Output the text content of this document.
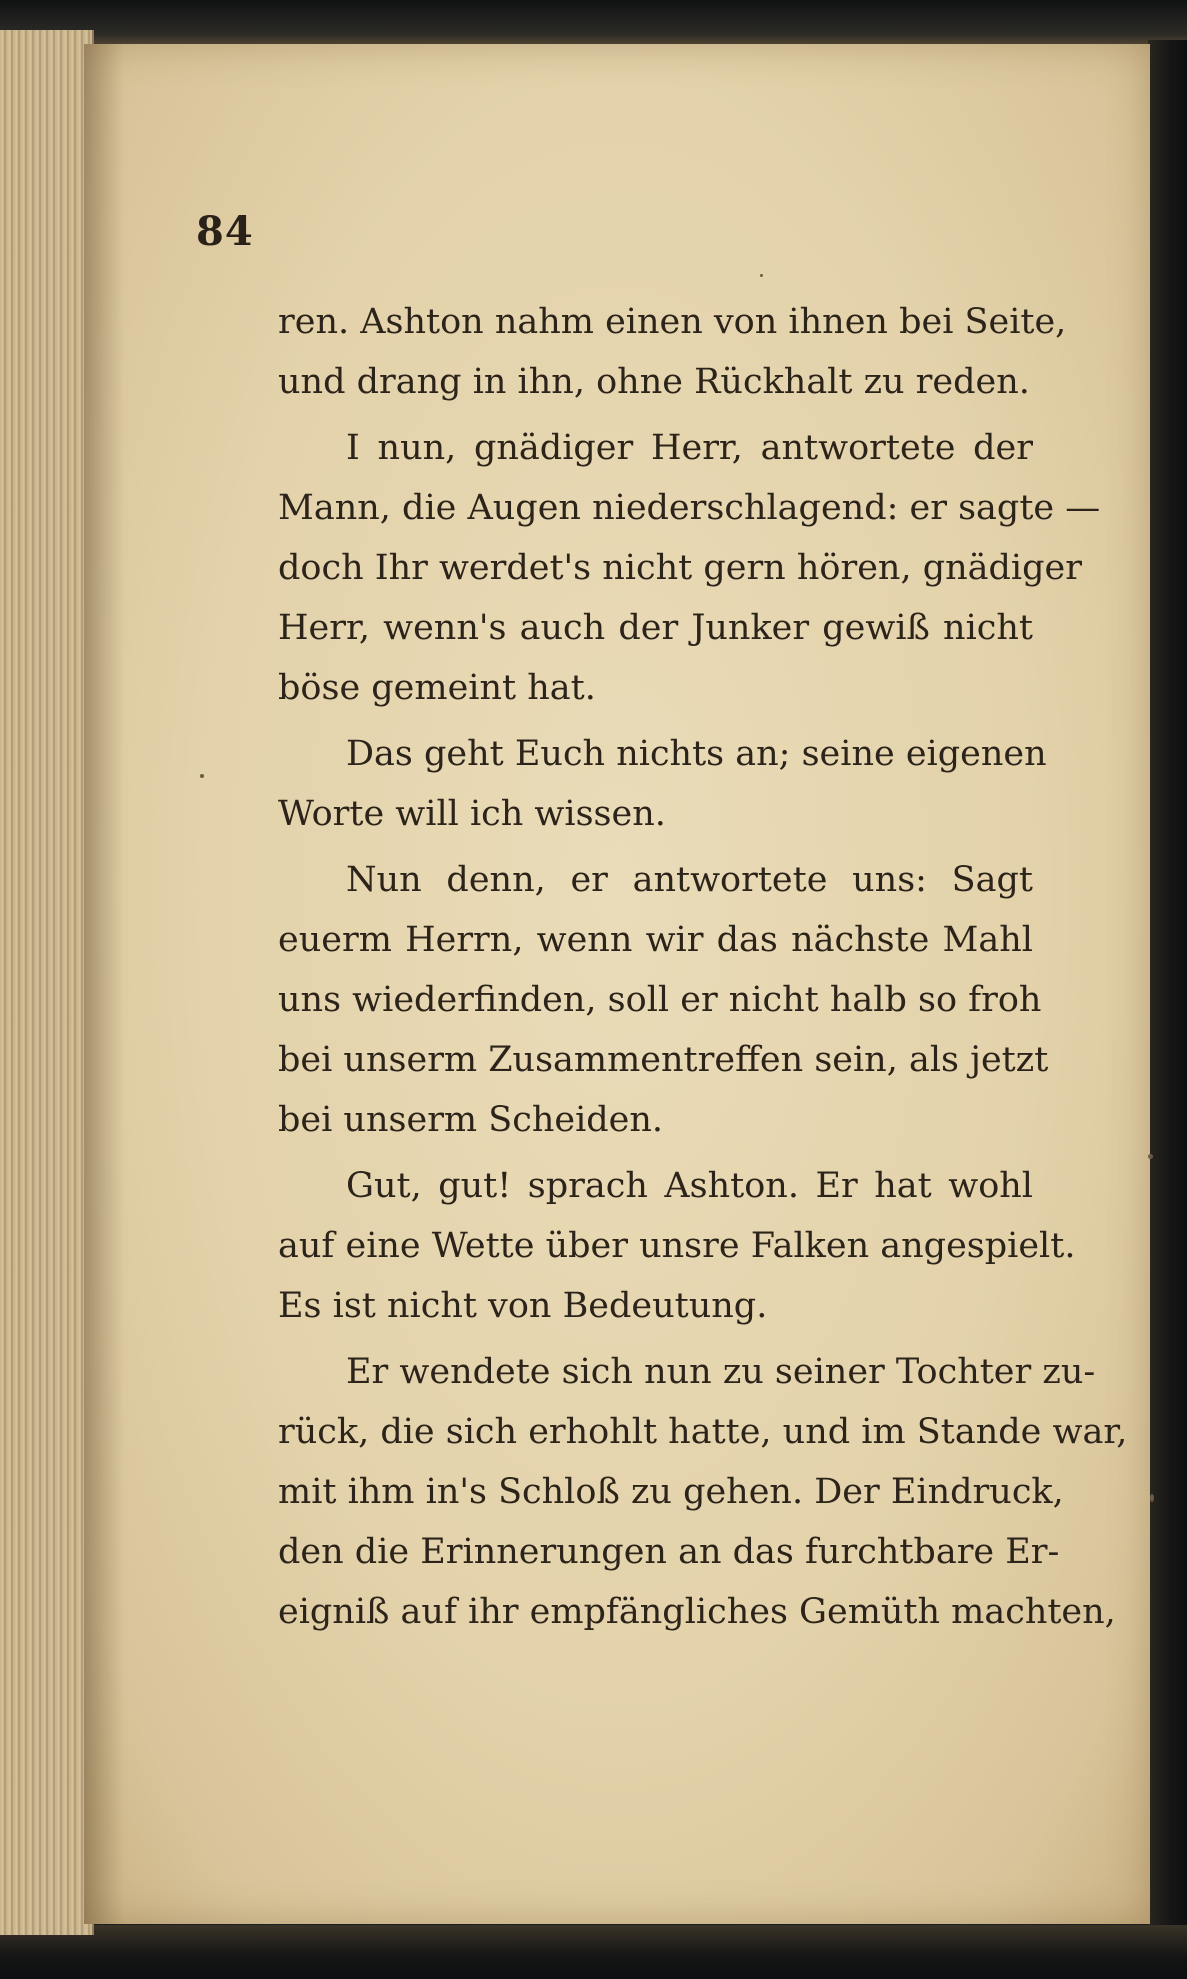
84
ren. Ashton nahm einen von ihnen bei Seite,
und drang in ihn, ohne Rückhalt zu reden.
I nun, gnädiger Herr, antwortete der
Mann, die Augen niederschlagend: er sagte —
doch Ihr werdet's nicht gern hören, gnädiger
Herr, wenn's auch der Junker gewiß nicht
böse gemeint hat.
Das geht Euch nichts an; seine eigenen
Worte will ich wissen.
Nun denn, er antwortete uns: Sagt
euerm Herrn, wenn wir das nächste Mahl
uns wiederfinden, soll er nicht halb so froh
bei unserm Zusammentreffen sein, als jetzt
bei unserm Scheiden.
Gut, gut! sprach Ashton. Er hat wohl
auf eine Wette über unsre Falken angespielt.
Es ist nicht von Bedeutung.
Er wendete sich nun zu seiner Tochter zu-
rück, die sich erhohlt hatte, und im Stande war,
mit ihm in's Schloß zu gehen. Der Eindruck,
den die Erinnerungen an das furchtbare Er-
eigniß auf ihr empfängliches Gemüth machten,
